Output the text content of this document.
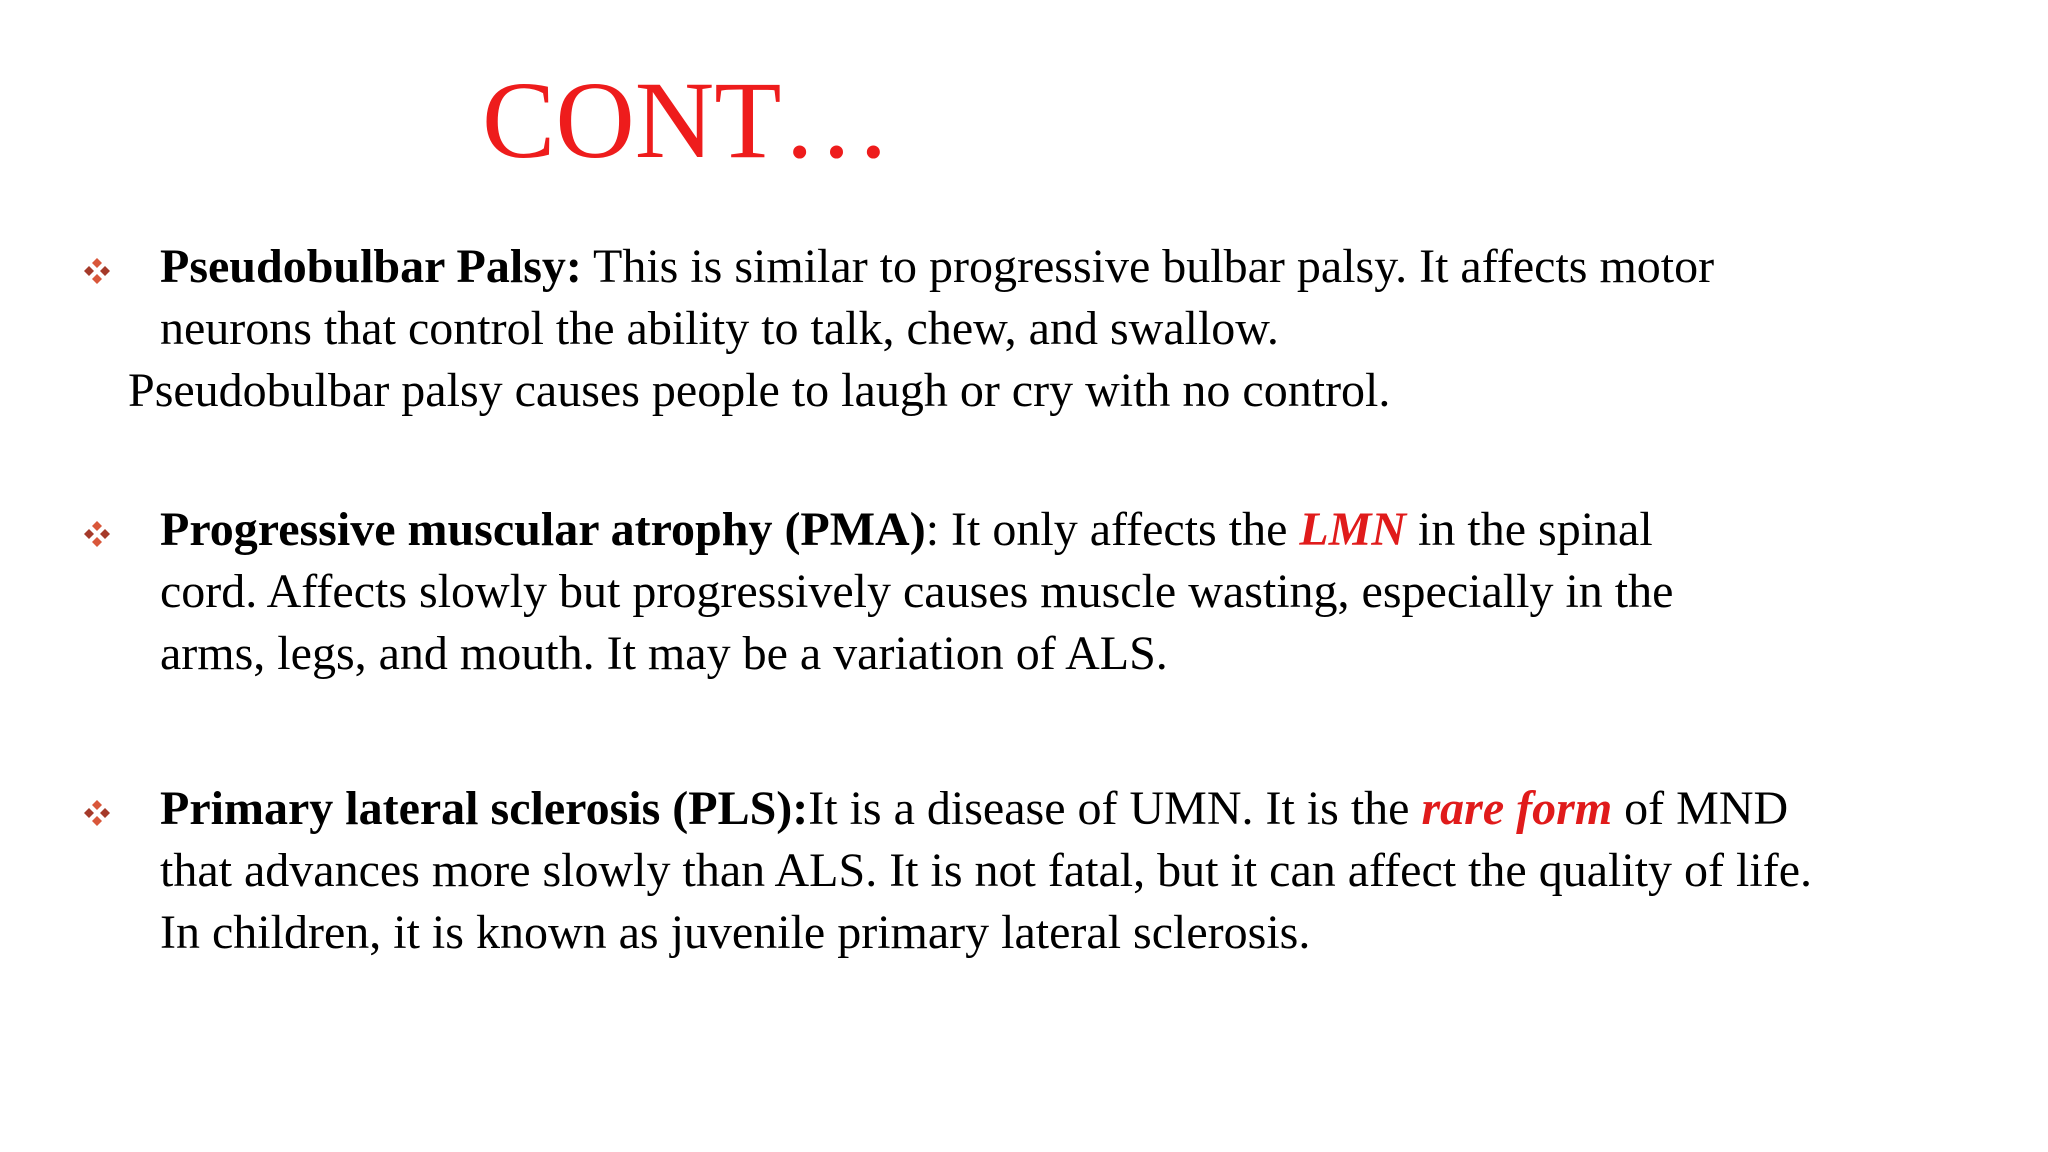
CONT…
Pseudobulbar Palsy: This is similar to progressive bulbar palsy. It affects motor
neurons that control the ability to talk, chew, and swallow.
Pseudobulbar palsy causes people to laugh or cry with no control.
Progressive muscular atrophy (PMA): It only affects the LMN in the spinal
cord. Affects slowly but progressively causes muscle wasting, especially in the
arms, legs, and mouth. It may be a variation of ALS.
Primary lateral sclerosis (PLS):It is a disease of UMN. It is the rare form of MND
that advances more slowly than ALS. It is not fatal, but it can affect the quality of life.
In children, it is known as juvenile primary lateral sclerosis.
